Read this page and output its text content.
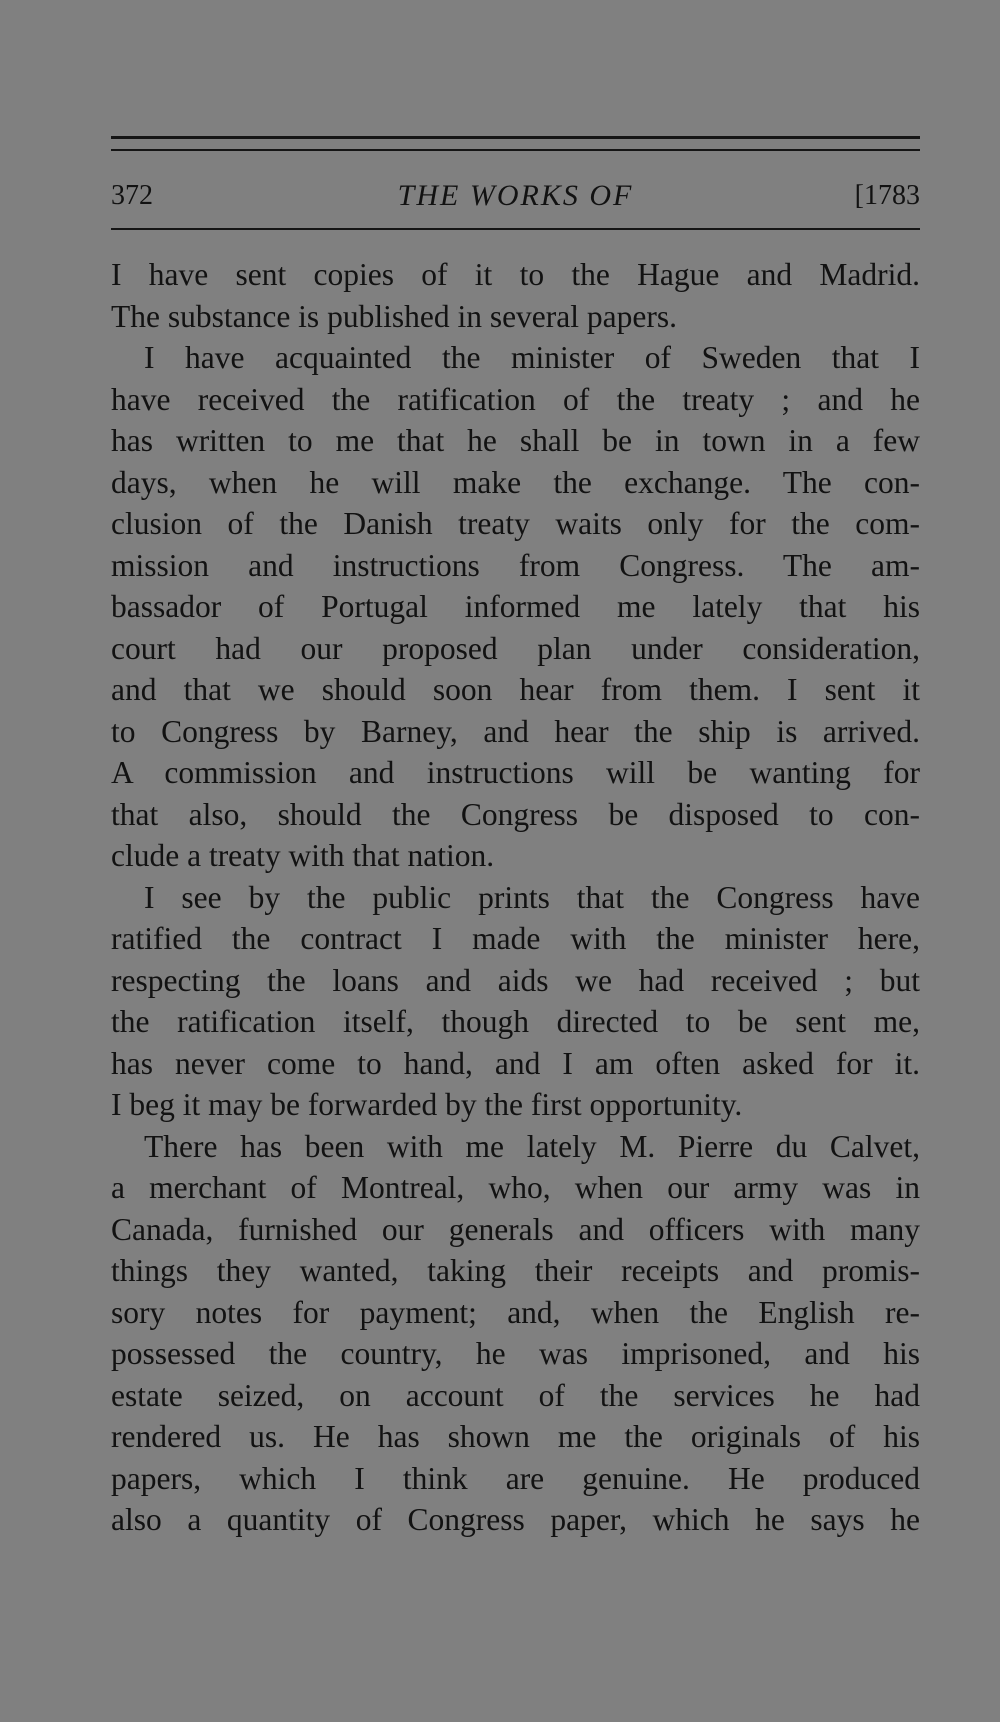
372	THE WORKS OF	[1783
I have sent copies of it to the Hague and Madrid.
The substance is published in several papers.
I have acquainted the minister of Sweden that I
have received the ratification of the treaty ; and he
has written to me that he shall be in town in a few
days, when he will make the exchange. The con-
clusion of the Danish treaty waits only for the com-
mission and instructions from Congress. The am-
bassador of Portugal informed me lately that his
court had our proposed plan under consideration,
and that we should soon hear from them. I sent it
to Congress by Barney, and hear the ship is arrived.
A commission and instructions will be wanting for
that also, should the Congress be disposed to con-
clude a treaty with that nation.
I see by the public prints that the Congress have
ratified the contract I made with the minister here,
respecting the loans and aids we had received ; but
the ratification itself, though directed to be sent me,
has never come to hand, and I am often asked for it.
I beg it may be forwarded by the first opportunity.
There has been with me lately M. Pierre du Calvet,
a merchant of Montreal, who, when our army was in
Canada, furnished our generals and officers with many
things they wanted, taking their receipts and promis-
sory notes for payment; and, when the English re-
possessed the country, he was imprisoned, and his
estate seized, on account of the services he had
rendered us. He has shown me the originals of his
papers, which I think are genuine. He produced
also a quantity of Congress paper, which he says he
